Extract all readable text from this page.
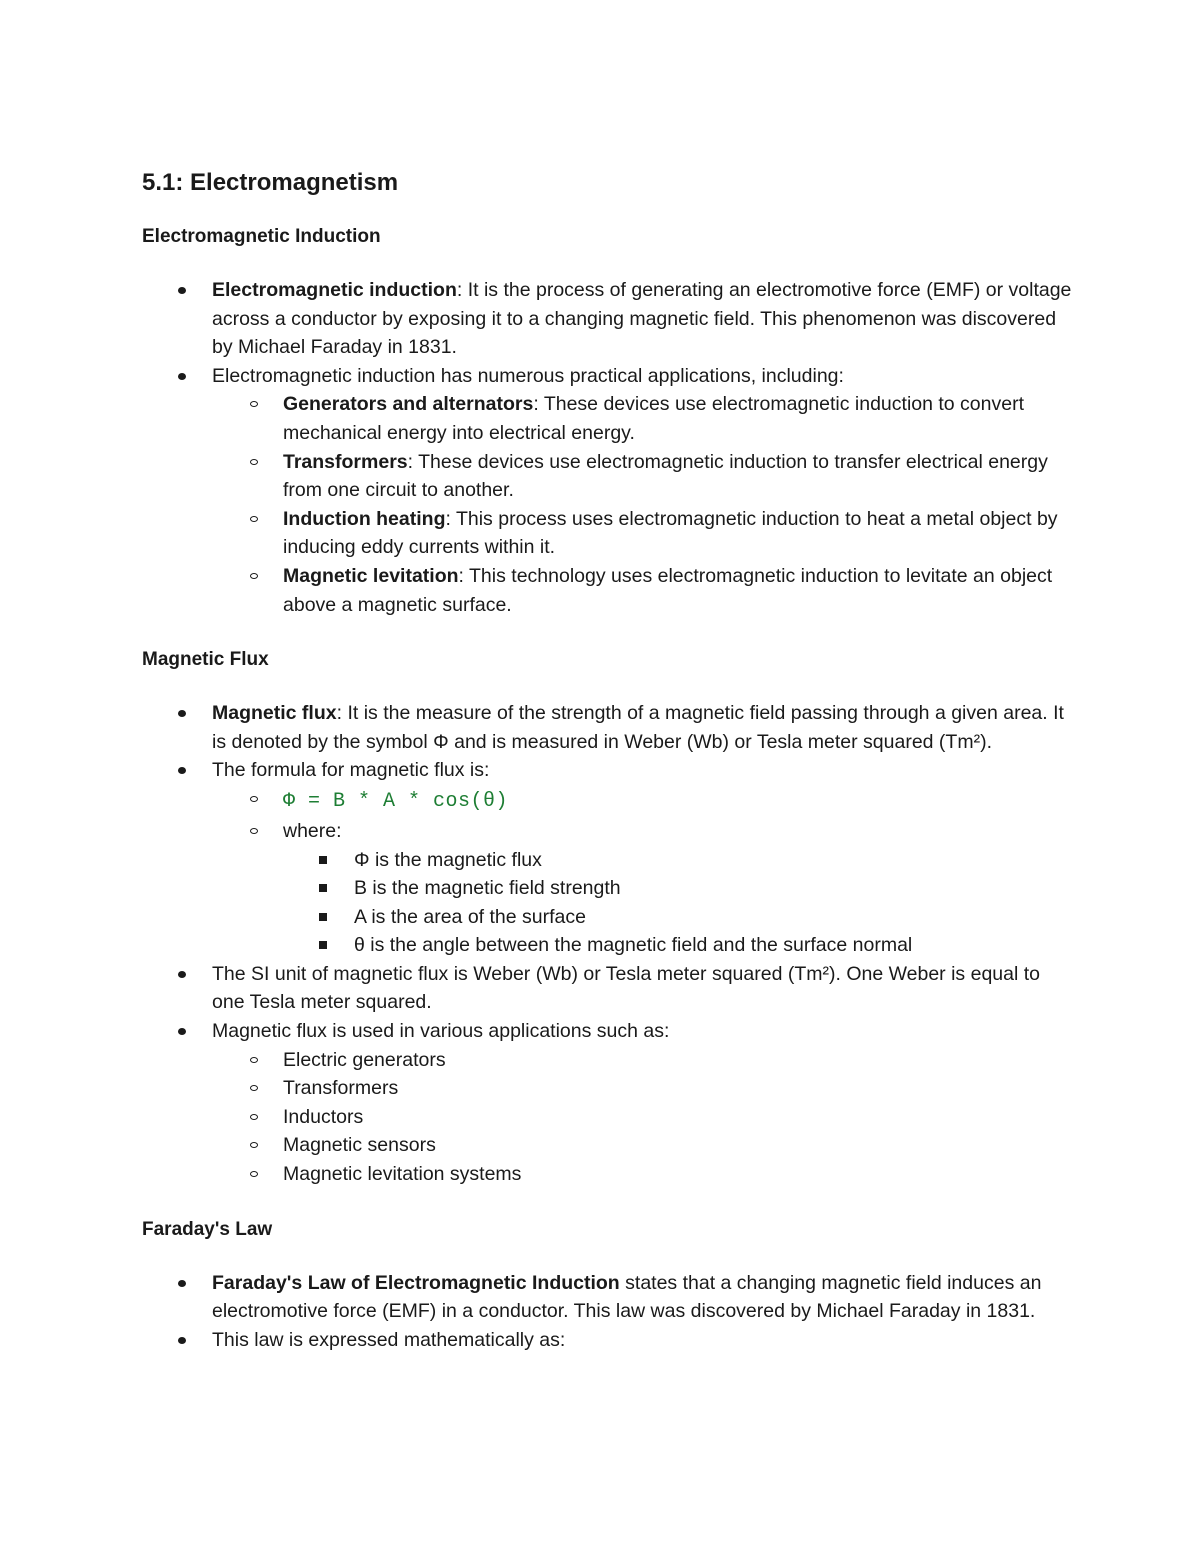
5.1: Electromagnetism
Electromagnetic Induction
Electromagnetic induction: It is the process of generating an electromotive force (EMF) or voltage across a conductor by exposing it to a changing magnetic field. This phenomenon was discovered by Michael Faraday in 1831.
Electromagnetic induction has numerous practical applications, including:
Generators and alternators: These devices use electromagnetic induction to convert mechanical energy into electrical energy.
Transformers: These devices use electromagnetic induction to transfer electrical energy from one circuit to another.
Induction heating: This process uses electromagnetic induction to heat a metal object by inducing eddy currents within it.
Magnetic levitation: This technology uses electromagnetic induction to levitate an object above a magnetic surface.
Magnetic Flux
Magnetic flux: It is the measure of the strength of a magnetic field passing through a given area. It is denoted by the symbol Φ and is measured in Weber (Wb) or Tesla meter squared (Tm²).
The formula for magnetic flux is:
Φ = B * A * cos(θ)
where:
Φ is the magnetic flux
B is the magnetic field strength
A is the area of the surface
θ is the angle between the magnetic field and the surface normal
The SI unit of magnetic flux is Weber (Wb) or Tesla meter squared (Tm²). One Weber is equal to one Tesla meter squared.
Magnetic flux is used in various applications such as:
Electric generators
Transformers
Inductors
Magnetic sensors
Magnetic levitation systems
Faraday's Law
Faraday's Law of Electromagnetic Induction states that a changing magnetic field induces an electromotive force (EMF) in a conductor. This law was discovered by Michael Faraday in 1831.
This law is expressed mathematically as:
